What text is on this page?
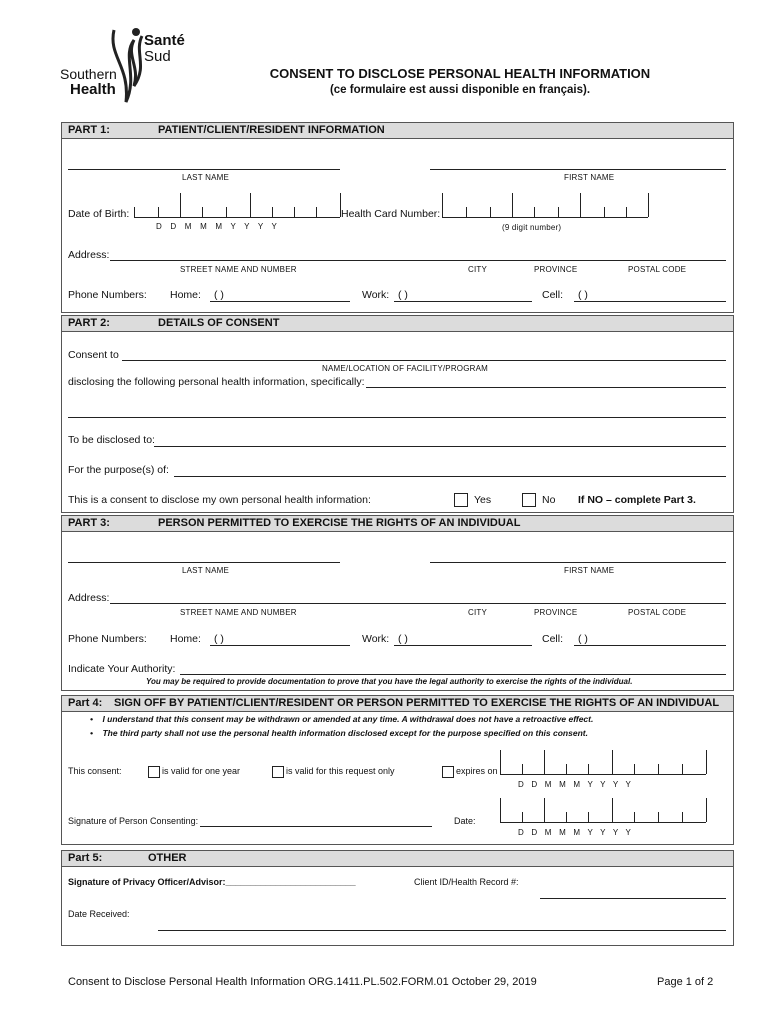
Santé
Sud
Southern
Health
CONSENT TO DISCLOSE PERSONAL HEALTH INFORMATION
(ce formulaire est aussi disponible en français).
PART 1:	PATIENT/CLIENT/RESIDENT INFORMATION
LAST NAME	FIRST NAME
Date of Birth:
D D M M M Y Y Y Y
Health Card Number:
(9 digit number)
Address:
STREET NAME AND NUMBER	CITY	PROVINCE	POSTAL CODE
Phone Numbers: Home: ( )	Work: ( )	Cell: ( )
PART 2:	DETAILS OF CONSENT
Consent to
NAME/LOCATION OF FACILITY/PROGRAM
disclosing the following personal health information, specifically:
To be disclosed to:
For the purpose(s) of:
This is a consent to disclose my own personal health information:	Yes	No If NO – complete Part 3.
PART 3:	PERSON PERMITTED TO EXERCISE THE RIGHTS OF AN INDIVIDUAL
LAST NAME	FIRST NAME
Address:
STREET NAME AND NUMBER	CITY	PROVINCE	POSTAL CODE
Phone Numbers: Home: ( )	Work: ( )	Cell: ( )
Indicate Your Authority:
You may be required to provide documentation to prove that you have the legal authority to exercise the rights of the individual.
Part 4: SIGN OFF BY PATIENT/CLIENT/RESIDENT OR PERSON PERMITTED TO EXERCISE THE RIGHTS OF AN INDIVIDUAL
•    I understand that this consent may be withdrawn or amended at any time. A withdrawal does not have a retroactive effect.
•    The third party shall not use the personal health information disclosed except for the purpose specified on this consent.
This consent:	is valid for one year	is valid for this request only	expires on
D D M M M Y Y Y Y
Signature of Person Consenting:	Date:
D D M M M Y Y Y Y
Part 5:	OTHER
Signature of Privacy Officer/Advisor:__________________________	Client ID/Health Record #:
Date Received:
Consent to Disclose Personal Health Information ORG.1411.PL.502.FORM.01 October 29, 2019	Page 1 of 2
